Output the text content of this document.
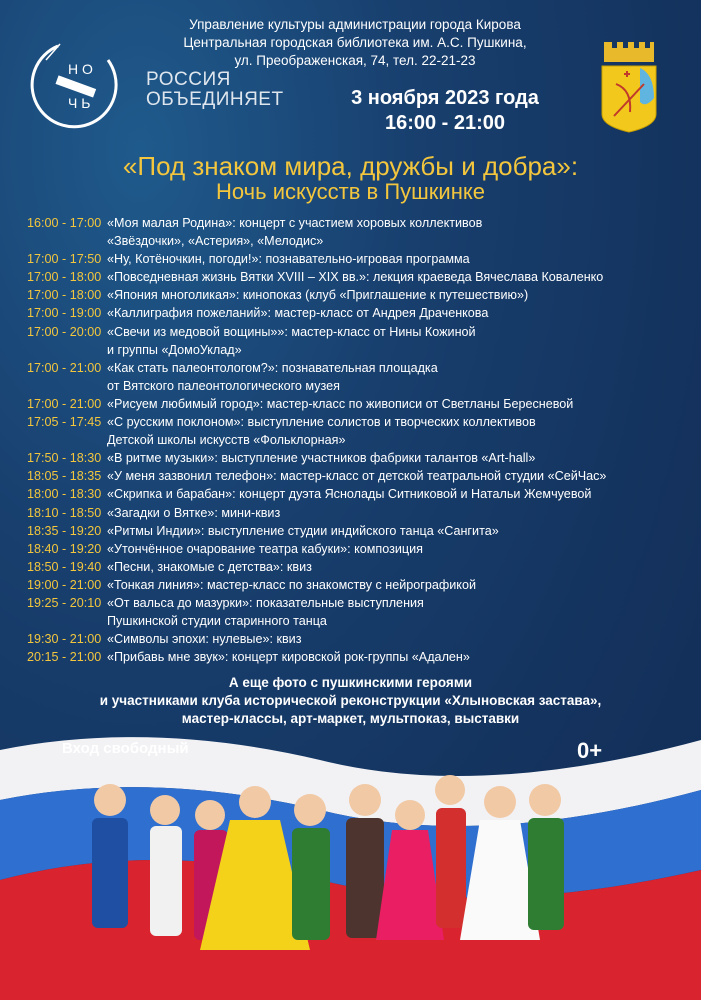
Управление культуры администрации города Кирова
Центральная городская библиотека им. А.С. Пушкина,
ул. Преображенская, 74, тел. 22-21-23
Н О
Ч Ь
РОССИЯ
ОБЪЕДИНЯЕТ	3 ноября 2023 года
16:00 - 21:00
«Под знаком мира, дружбы и добра»:
Ночь искусств в Пушкинке
16:00 - 17:00 «Моя малая Родина»: концерт с участием хоровых коллективов
«Звёздочки», «Астерия», «Мелодис»
17:00 - 17:50 «Ну, Котёночкин, погоди!»: познавательно-игровая программа
17:00 - 18:00 «Повседневная жизнь Вятки XVIII – XIX вв.»: лекция краеведа Вячеслава Коваленко
17:00 - 18:00 «Япония многоликая»: кинопоказ (клуб «Приглашение к путешествию»)
17:00 - 19:00 «Каллиграфия пожеланий»: мастер-класс от Андрея Драченкова
17:00 - 20:00 «Свечи из медовой вощины»»: мастер-класс от Нины Кожиной
и группы «ДомоУклад»
17:00 - 21:00 «Как стать палеонтологом?»: познавательная площадка
от Вятского палеонтологического музея
17:00 - 21:00 «Рисуем любимый город»: мастер-класс по живописи от Светланы Бересневой
17:05 - 17:45 «С русским поклоном»: выступление солистов и творческих коллективов
Детской школы искусств «Фольклорная»
17:50 - 18:30 «В ритме музыки»: выступление участников фабрики талантов «Art-hall»
18:05 - 18:35 «У меня зазвонил телефон»: мастер-класс от детской театральной студии «СейЧас»
18:00 - 18:30 «Скрипка и барабан»: концерт дуэта Яснолады Ситниковой и Натальи Жемчуевой
18:10 - 18:50 «Загадки о Вятке»: мини-квиз
18:35 - 19:20 «Ритмы Индии»: выступление студии индийского танца «Сангита»
18:40 - 19:20 «Утончённое очарование театра кабуки»: композиция
18:50 - 19:40 «Песни, знакомые с детства»: квиз
19:00 - 21:00 «Тонкая линия»: мастер-класс по знакомству с нейрографикой
19:25 - 20:10 «От вальса до мазурки»: показательные выступления
Пушкинской студии старинного танца
19:30 - 21:00 «Символы эпохи: нулевые»: квиз
20:15 - 21:00 «Прибавь мне звук»: концерт кировской рок-группы «Адален»
А еще фото с пушкинскими героями
и участниками клуба исторической реконструкции «Хлыновская застава»,
мастер-классы, арт-маркет, мультпоказ, выставки
Вход свободный	0+
